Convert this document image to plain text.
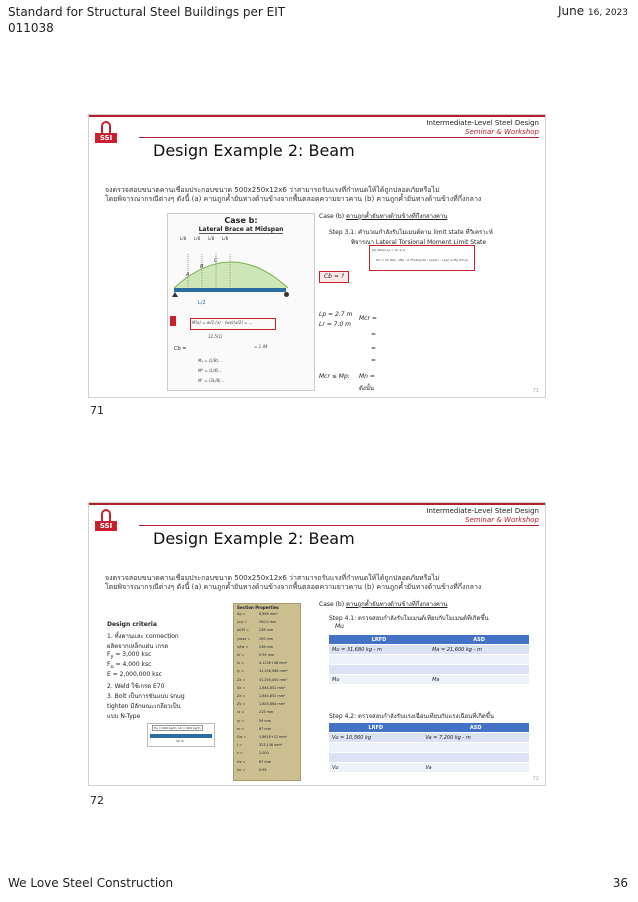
Standard for Structural Steel Buildings per EIT
011038
June 16, 2023
SSI
Intermediate-Level Steel Design
Seminar & Workshop
Design Example 2: Beam
จงตรวจสอบขนาดคานเชื่อมประกอบขนาด 500x250x12x6 ว่าสามารถรับแรงที่กำหนดให้ได้ถูกปลอดภัยหรือไม่
โดยพิจารณากรณีต่างๆ ดังนี้ (a) คานถูกค้ำยันทางด้านข้างจากพื้นตลอดความยาวคาน (b) คานถูกค้ำยันทางด้านข้างที่กึ่งกลาง
Case b:
Lateral Brace at Midspan
L/8 L/8 L/8 L/8
A
B
C
L/2
M(x) = w/2 (x) - (wx)(x/2) = ...
12.5(1)
Cb =	= 1.44
Mₐ = (L/8)...
Mᴮ = (L/4)...
Mᶜ = (3L/8)...
Case (b) คานถูกค้ำยันทางด้านข้างที่กึ่งกลางคาน
Step 3.1: คำนวณกำลังรับโมเมนต์ตาม limit state ที่วิเคราะห์
พิจารณา Lateral Torsional Moment Limit State
(b) When Lp < Lb ≤ Lr
Mn = Cb [Mp - (Mp - 0.7FySx)((Lb - Lp)/(Lr - Lp))] ≤ Mp (F2-2)
Cb = ?
Lp = 2.7 m
Lr = 7.0 m
Mcr =
=
=
=
Mcr ≤ Mp: Mn =
ดังนั้น	71
71
SSI
Intermediate-Level Steel Design
Seminar & Workshop
Design Example 2: Beam
จงตรวจสอบขนาดคานเชื่อมประกอบขนาด 500x250x12x6 ว่าสามารถรับแรงที่กำหนดให้ได้ถูกปลอดภัยหรือไม่
โดยพิจารณากรณีต่างๆ ดังนี้ (a) คานถูกค้ำยันทางด้านข้างจากพื้นตลอดความยาวคาน (b) คานถูกค้ำยันทางด้านข้างที่กึ่งกลาง
Design criteria
1. ทั้งคานและ connection
ผลิตจากเหล็กแผ่น เกรด
$F_y = 3,000$ ksc
$F_u = 4,000$ ksc
E = 2,000,000 ksc
2. Weld ใช้เกรด E70
3. Bolt เป็นการขันแบบ snug
tighten มีลักษณะเกลียวเป็น
แบบ N-Type
Pu = 600 kg/m, Lb = 900 kg/m
10 m
Section Properties
Ag =	8,856 mm²
ycg =	250.0 mm
bf/2t =	238 mm
ymax =	250 mm
h/tw =	238 mm
bf =	0.95 mm
Ix =	4.113E+08 mm⁴
Iy =	31,256,568 mm⁴
Zx =	31,250,000 mm³
Sx =	1,644,852 mm³
Zx =	1,644,852 mm³
Zy =	1,803,864 mm³
rx =	215 mm
ry =	59 mm
ro =	67 mm
Cw =	1.861E+12 mm⁶
J =	323,136 mm⁴
c =	1.000
rts =	67 mm
ho =	0.95
Case (b) คานถูกค้ำยันทางด้านข้างที่กึ่งกลางคาน
Step 4.1: ตรวจสอบกำลังรับโมเมนต์เทียบกับโมเมนต์ที่เกิดขึ้น
Mu
LRFD	ASD
Mu = 31,680 kg - m	Ma = 21,600 kg - m

Mu	Ma
Step 4.2: ตรวจสอบกำลังรับแรงเฉือนเทียบกับแรงเฉือนที่เกิดขึ้น
LRFD	ASD
Vu = 10,560 kg	Va = 7,200 kg - m

Vu	Va
72
72
We Love Steel Construction	36
